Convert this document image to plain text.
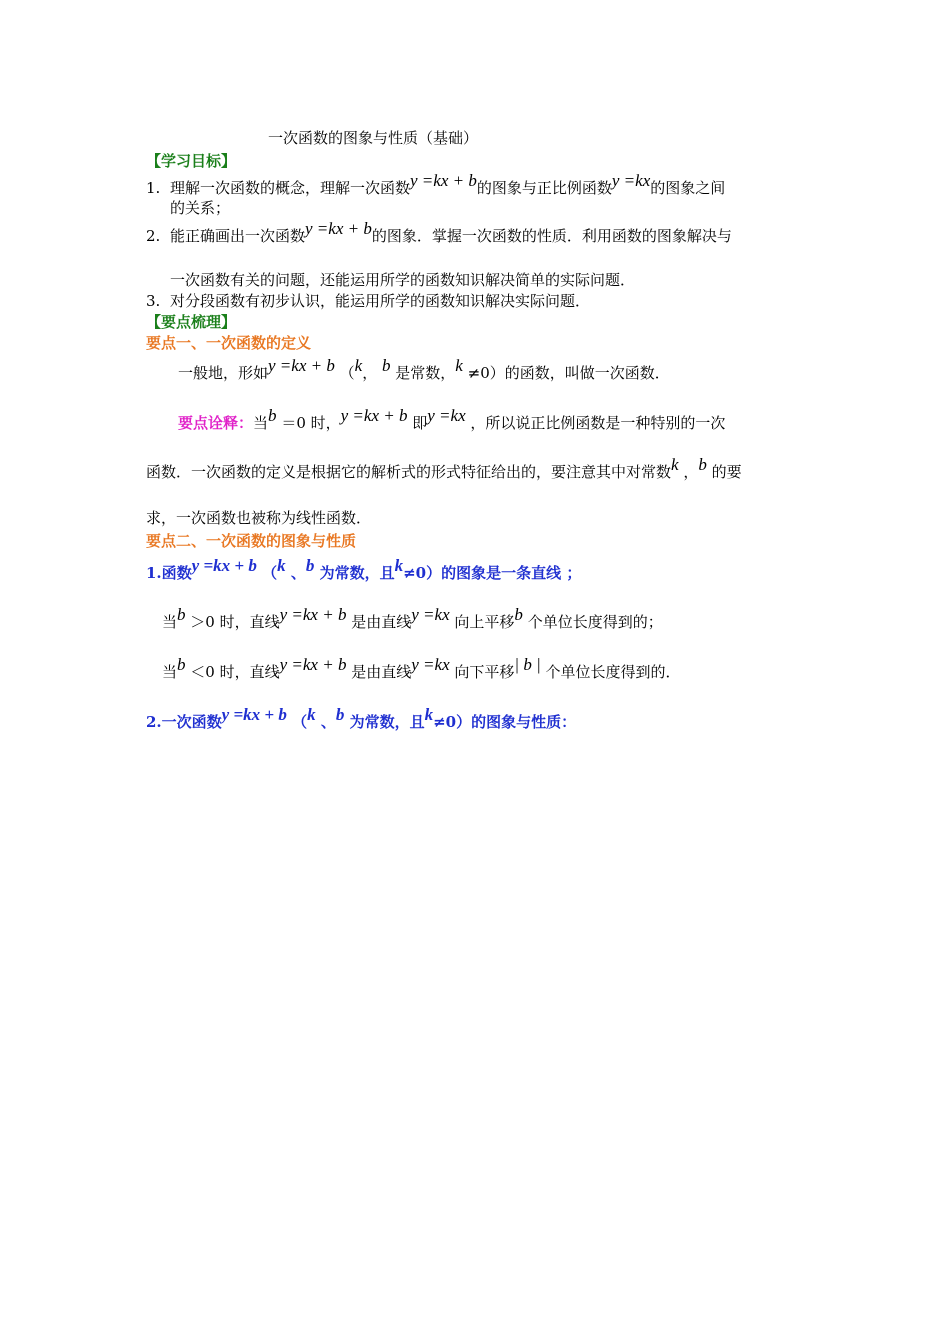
一次函数的图象与性质（基础）
【学习目标】
1. 理解一次函数的概念，理解一次函数y =kx + b的图象与正比例函数y =kx的图象之间
的关系；
2. 能正确画出一次函数y =kx + b的图象．掌握一次函数的性质．利用函数的图象解决与
一次函数有关的问题，还能运用所学的函数知识解决简单的实际问题．
3. 对分段函数有初步认识，能运用所学的函数知识解决实际问题．
【要点梳理】
要点一、一次函数的定义
一般地，形如y =kx + b （k， b 是常数，k ≠0）的函数，叫做一次函数．
要点诠释：当b ＝0 时，y =kx + b 即y =kx ，所以说正比例函数是一种特别的一次
函数．一次函数的定义是根据它的解析式的形式特征给出的，要注意其中对常数k ，b 的要
求，一次函数也被称为线性函数．
要点二、一次函数的图象与性质
1.函数y =kx + b （k 、b 为常数，且k≠0）的图象是一条直线 ；
当b ＞0 时，直线y =kx + b 是由直线y =kx 向上平移b 个单位长度得到的；
当b ＜0 时，直线y =kx + b 是由直线y =kx 向下平移| b | 个单位长度得到的．
2.一次函数y =kx + b （k 、b 为常数，且k≠0）的图象与性质：
